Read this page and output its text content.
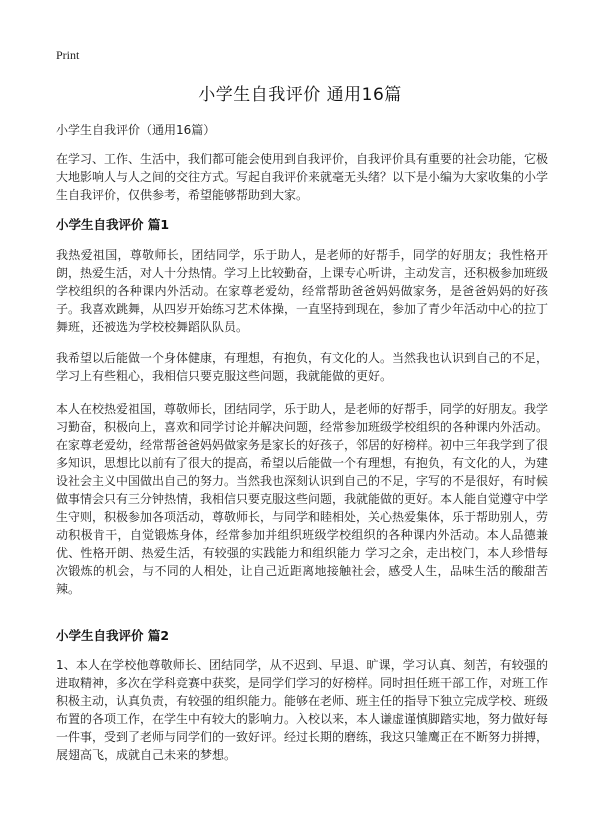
Print
小学生自我评价 通用16篇
小学生自我评价（通用16篇）

在学习、工作、生活中，我们都可能会使用到自我评价，自我评价具有重要的社会功能，它极大地影响人与人之间的交往方式。写起自我评价来就毫无头绪？以下是小编为大家收集的小学生自我评价，仅供参考，希望能够帮助到大家。

小学生自我评价 篇1

我热爱祖国，尊敬师长，团结同学，乐于助人，是老师的好帮手，同学的好朋友；我性格开朗，热爱生活，对人十分热情。学习上比较勤奋，上课专心听讲，主动发言，还积极参加班级学校组织的各种课内外活动。在家尊老爱幼，经常帮助爸爸妈妈做家务，是爸爸妈妈的好孩子。我喜欢跳舞，从四岁开始练习艺术体操，一直坚持到现在，参加了青少年活动中心的拉丁舞班，还被选为学校校舞蹈队队员。

我希望以后能做一个身体健康，有理想，有抱负，有文化的人。当然我也认识到自己的不足，学习上有些粗心，我相信只要克服这些问题，我就能做的更好。

本人在校热爱祖国，尊敬师长，团结同学，乐于助人，是老师的好帮手，同学的好朋友。我学习勤奋，积极向上，喜欢和同学讨论并解决问题，经常参加班级学校组织的各种课内外活动。在家尊老爱幼，经常帮爸爸妈妈做家务是家长的好孩子，邻居的好榜样。初中三年我学到了很多知识，思想比以前有了很大的提高，希望以后能做一个有理想，有抱负，有文化的人，为建设社会主义中国做出自己的努力。当然我也深刻认识到自己的不足，字写的不是很好，有时候做事情会只有三分钟热情，我相信只要克服这些问题，我就能做的更好。本人能自觉遵守中学生守则，积极参加各项活动，尊敬师长，与同学和睦相处，关心热爱集体，乐于帮助别人，劳动积极肯干，自觉锻炼身体，经常参加并组织班级学校组织的各种课内外活动。本人品德兼优、性格开朗、热爱生活，有较强的实践能力和组织能力 学习之余，走出校门，本人珍惜每次锻炼的机会，与不同的人相处，让自己近距离地接触社会，感受人生，品味生活的酸甜苦辣。

小学生自我评价 篇2

1、本人在学校他尊敬师长、团结同学，从不迟到、早退、旷课，学习认真、刻苦，有较强的进取精神，多次在学科竞赛中获奖，是同学们学习的好榜样。同时担任班干部工作，对班工作积极主动，认真负责，有较强的组织能力。能够在老师、班主任的指导下独立完成学校、班级布置的各项工作，在学生中有较大的影响力。入校以来，本人谦虚谨慎脚踏实地，努力做好每一件事，受到了老师与同学们的一致好评。经过长期的磨练，我这只雏鹰正在不断努力拼搏，展翅高飞，成就自己未来的梦想。
